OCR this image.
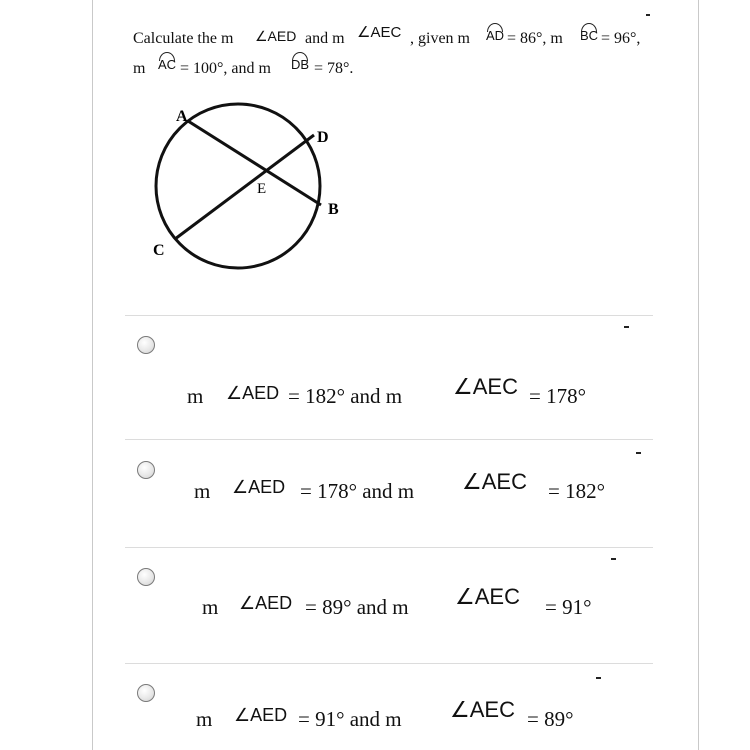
Calculate the m ∠AED and m ∠AEC , given m AD = 86°, m BC = 96°,
m AC = 100°, and m DB = 78°.
A
D
E
B
C
m ∠AED = 182° and m ∠AEC = 178°
m ∠AED = 178° and m ∠AEC = 182°
m ∠AED = 89° and m ∠AEC = 91°
m ∠AED = 91° and m ∠AEC = 89°
